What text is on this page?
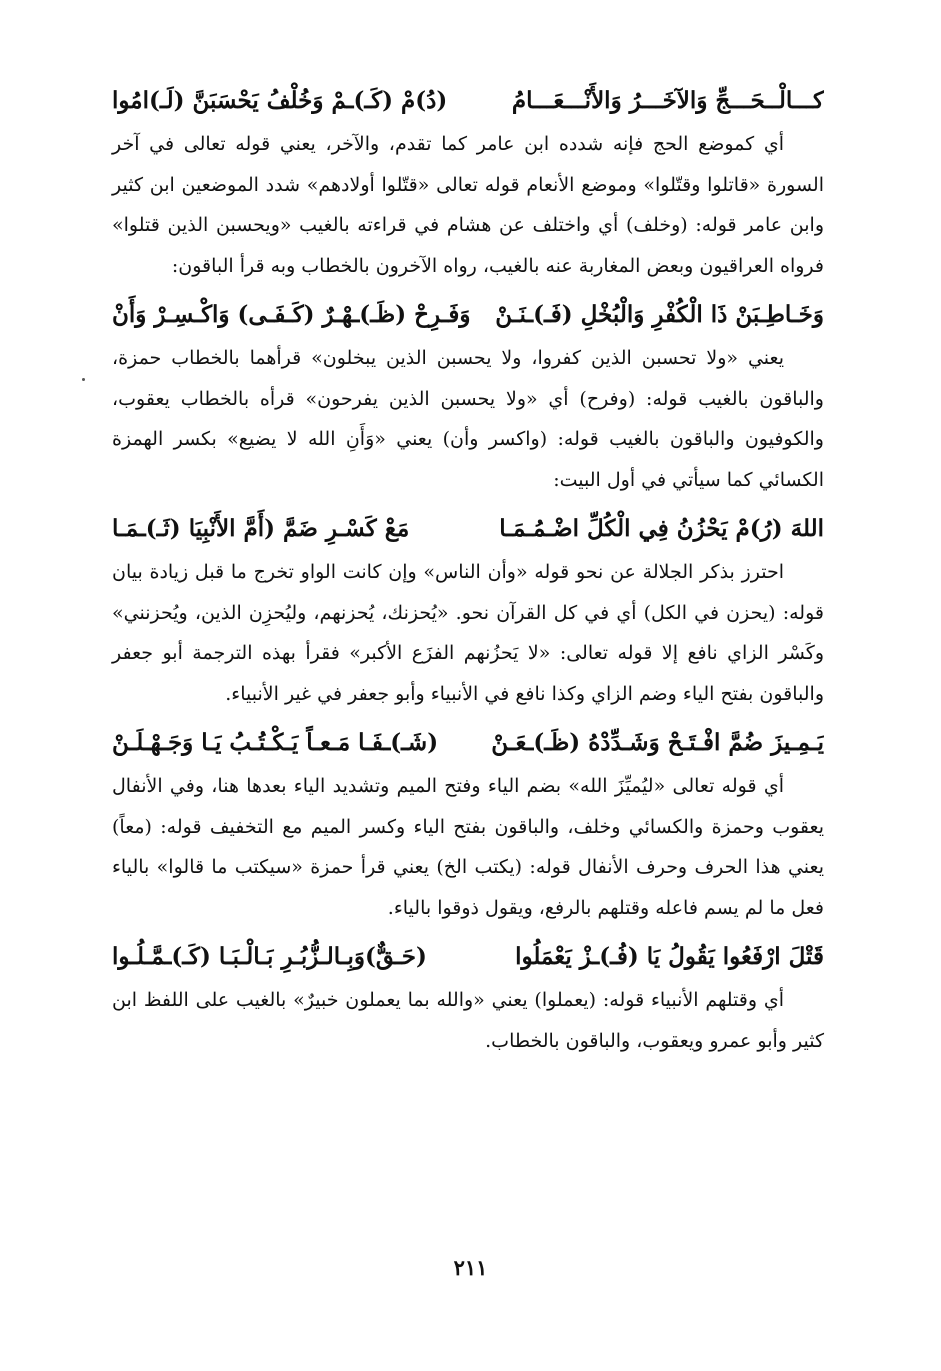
كـــالْــحَـــجِّ وَالآخَـــرُ وَالأَنْـــعَـــامُ
(دُ)مْ (كَـ)ـمْ وَخُلْفُ يَحْسَبَنَّ (لَـ)امُوا

أي كموضع الحج فإنه شدده ابن عامر كما تقدم، والآخر، يعني قوله تعالى في آخر السورة «قاتلوا وقتّلوا» وموضع الأنعام قوله تعالى «قتّلوا أولادهم» شدد الموضعين ابن كثير وابن عامر قوله: (وخلف) أي واختلف عن هشام في قراءته بالغيب «ويحسبن الذين قتلوا» فرواه العراقيون وبعض المغاربة عنه بالغيب، رواه الآخرون بالخطاب وبه قرأ الباقون:

وَخَـاطِـبَنْ ذَا الْكُفْرِ وَالْبُخْلِ (فَـ)ـنَـنْ
وَفَـرِحْ (ظَـ)ـهْـرٌ (كَـفَـى) وَاكْـسِـرْ وَأَنْ

يعني «ولا تحسبن الذين كفروا، ولا يحسبن الذين يبخلون» قرأهما بالخطاب حمزة، والباقون بالغيب قوله: (وفرح) أي «ولا يحسبن الذين يفرحون» قرأه بالخطاب يعقوب، والكوفيون والباقون بالغيب قوله: (واكسر وأن) يعني «وَأَنِ الله لا يضيع» بكسر الهمزة الكسائي كما سيأتي في أول البيت:

اللهَ (رُ)مْ يَحْزُنُ فِي الْكُلِّ اضْـمُـمَـا
مَعْ كَسْـرِ ضَمَّ (أَمَّ الأَنْبِيَا (ثَـ)ـمَـا

احترز بذكر الجلالة عن نحو قوله «وأن الناس» وإن كانت الواو تخرج ما قبل زيادة بيان قوله: (يحزن في الكل) أي في كل القرآن نحو. «يُحزنك، يُحزنهم، وليُحزِن الذين، ويُحزنني» وكَسْر الزاي نافع إلا قوله تعالى: «لا يَحزُنهم الفزَع الأكبر» فقرأ بهذه الترجمة أبو جعفر والباقون بفتح الياء وضم الزاي وكذا نافع في الأنبياء وأبو جعفر في غير الأنبياء.

يَـمِـيزَ ضُمَّ افْـتَـحْ وَشَـدِّدْهُ (ظَـ)ـعَـنْ
(شَـ)ـفَـا مَـعـاً يَـكْـتُـبُ يَـا وَجَـهْـلَـنْ

أي قوله تعالى «ليُميِّزَ الله» بضم الياء وفتح الميم وتشديد الياء بعدها هنا، وفي الأنفال يعقوب وحمزة والكسائي وخلف، والباقون بفتح الياء وكسر الميم مع التخفيف قوله: (معاً) يعني هذا الحرف وحرف الأنفال قوله: (يكتب الخ) يعني قرأ حمزة «سيكتب ما قالوا» بالياء فعل ما لم يسم فاعله وقتلهم بالرفع، ويقول ذوقوا بالياء.

قَتْلَ ارْفَعُوا يَقُولُ يَا (فُـ)ـزْ يَعْمَلُوا
(حَـقٌّ)وَبِـالـزُّبُـرِ بَـالْـبَـا (كَـ)ـمَّـلُـوا

أي وقتلهم الأنبياء قوله: (يعملوا) يعني «والله بما يعملون خبيرٌ» بالغيب على اللفظ ابن كثير وأبو عمرو ويعقوب، والباقون بالخطاب.

٢١١
